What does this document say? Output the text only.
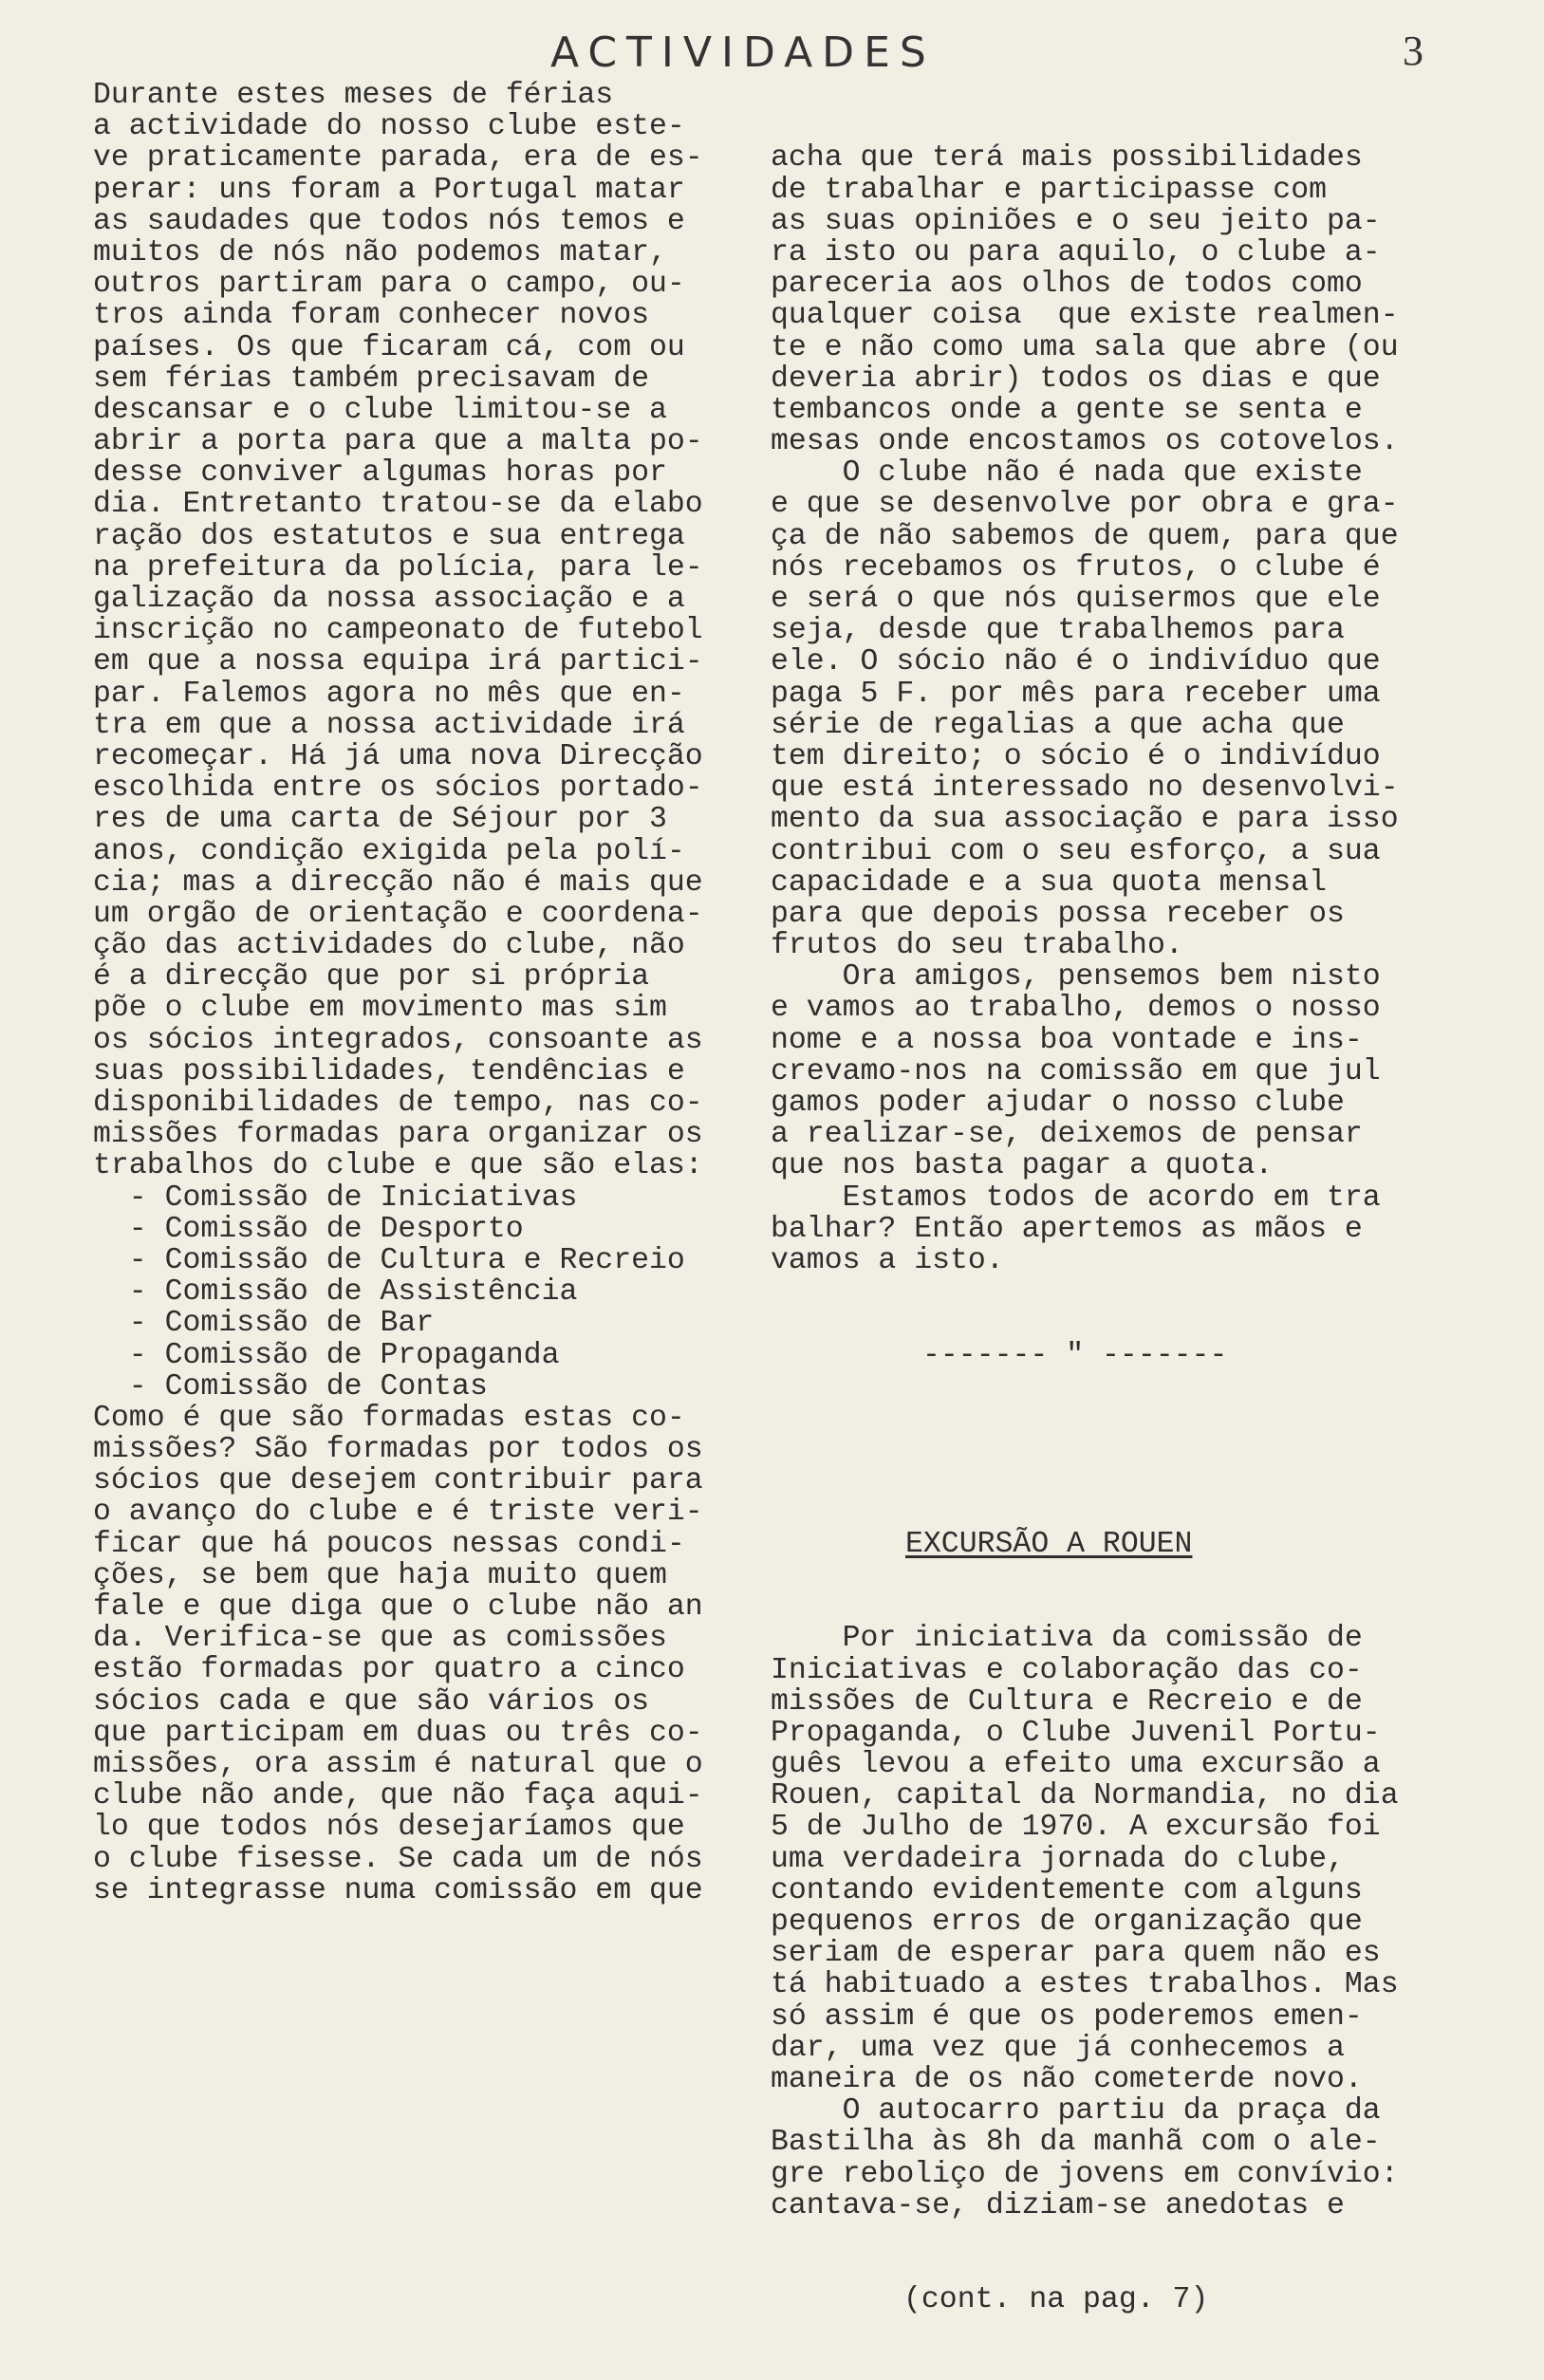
ACTIVIDADES	3
Durante estes meses de férias
a actividade do nosso clube este-
ve praticamente parada, era de es-
perar: uns foram a Portugal matar
as saudades que todos nós temos e
muitos de nós não podemos matar,
outros partiram para o campo, ou-
tros ainda foram conhecer novos
países. Os que ficaram cá, com ou
sem férias também precisavam de
descansar e o clube limitou-se a
abrir a porta para que a malta po-
desse conviver algumas horas por
dia. Entretanto tratou-se da elabo
ração dos estatutos e sua entrega
na prefeitura da polícia, para le-
galização da nossa associação e a
inscrição no campeonato de futebol
em que a nossa equipa irá partici-
par. Falemos agora no mês que en-
tra em que a nossa actividade irá
recomeçar. Há já uma nova Direcção
escolhida entre os sócios portado-
res de uma carta de Séjour por 3
anos, condição exigida pela polí-
cia; mas a direcção não é mais que
um orgão de orientação e coordena-
ção das actividades do clube, não
é a direcção que por si própria
põe o clube em movimento mas sim
os sócios integrados, consoante as
suas possibilidades, tendências e
disponibilidades de tempo, nas co-
missões formadas para organizar os
trabalhos do clube e que são elas:
- Comissão de Iniciativas
- Comissão de Desporto
- Comissão de Cultura e Recreio
- Comissão de Assistência
- Comissão de Bar
- Comissão de Propaganda
- Comissão de Contas
Como é que são formadas estas co-
missões? São formadas por todos os
sócios que desejem contribuir para
o avanço do clube e é triste veri-
ficar que há poucos nessas condi-
ções, se bem que haja muito quem
fale e que diga que o clube não an
da. Verifica-se que as comissões
estão formadas por quatro a cinco
sócios cada e que são vários os
que participam em duas ou três co-
missões, ora assim é natural que o
clube não ande, que não faça aqui-
lo que todos nós desejaríamos que
o clube fisesse. Se cada um de nós
se integrasse numa comissão em que

acha que terá mais possibilidades
de trabalhar e participasse com
as suas opiniões e o seu jeito pa-
ra isto ou para aquilo, o clube a-
pareceria aos olhos de todos como
qualquer coisa  que existe realmen-
te e não como uma sala que abre (ou
deveria abrir) todos os dias e que
tembancos onde a gente se senta e
mesas onde encostamos os cotovelos.
O clube não é nada que existe
e que se desenvolve por obra e gra-
ça de não sabemos de quem, para que
nós recebamos os frutos, o clube é
e será o que nós quisermos que ele
seja, desde que trabalhemos para
ele. O sócio não é o indivíduo que
paga 5 F. por mês para receber uma
série de regalias a que acha que
tem direito; o sócio é o indivíduo
que está interessado no desenvolvi-
mento da sua associação e para isso
contribui com o seu esforço, a sua
capacidade e a sua quota mensal
para que depois possa receber os
frutos do seu trabalho.
Ora amigos, pensemos bem nisto
e vamos ao trabalho, demos o nosso
nome e a nossa boa vontade e ins-
crevamo-nos na comissão em que jul
gamos poder ajudar o nosso clube
a realizar-se, deixemos de pensar
que nos basta pagar a quota.
Estamos todos de acordo em tra
balhar? Então apertemos as mãos e
vamos a isto.

------- " -------

EXCURSÃO A ROUEN

Por iniciativa da comissão de
Iniciativas e colaboração das co-
missões de Cultura e Recreio e de
Propaganda, o Clube Juvenil Portu-
guês levou a efeito uma excursão a
Rouen, capital da Normandia, no dia
5 de Julho de 1970. A excursão foi
uma verdadeira jornada do clube,
contando evidentemente com alguns
pequenos erros de organização que
seriam de esperar para quem não es
tá habituado a estes trabalhos. Mas
só assim é que os poderemos emen-
dar, uma vez que já conhecemos a
maneira de os não cometerde novo.
O autocarro partiu da praça da
Bastilha às 8h da manhã com o ale-
gre reboliço de jovens em convívio:
cantava-se, diziam-se anedotas e

(cont. na pag. 7)
